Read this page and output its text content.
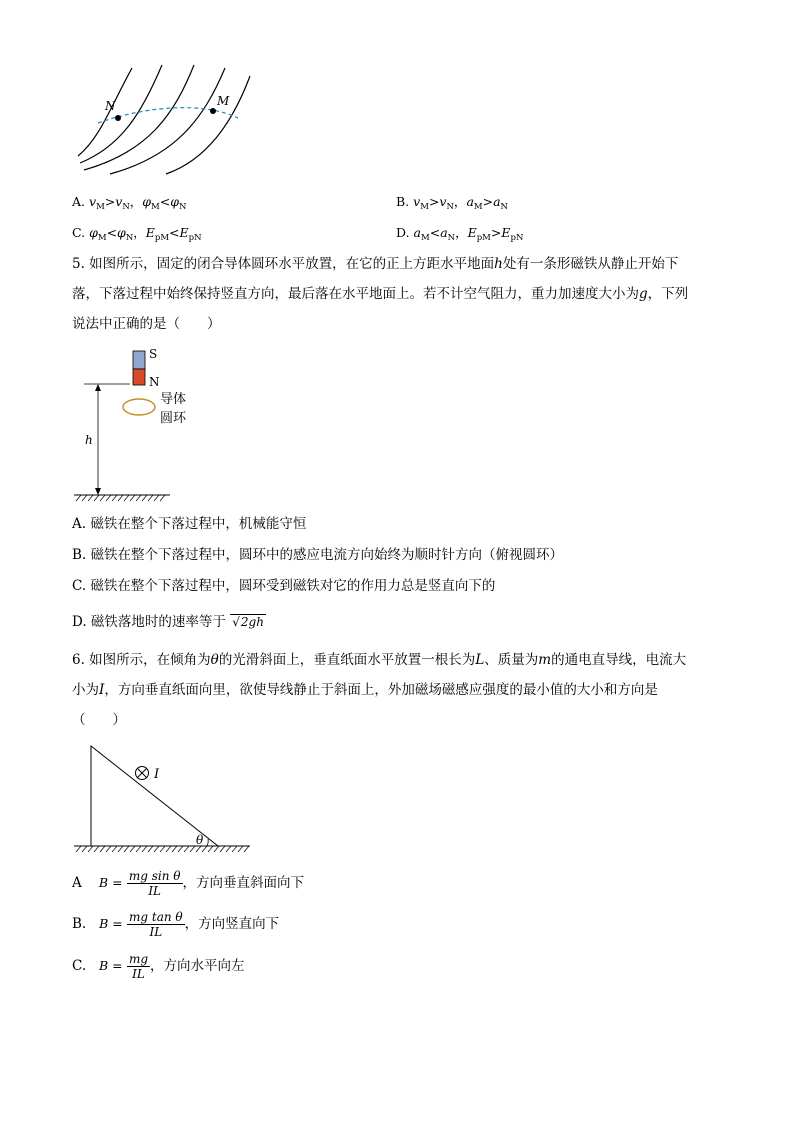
N	M
A. $v_M>v_N$，$\varphi_M<\varphi_N$	B. $v_M>v_N$，$a_M>a_N$
C. $\varphi_M<\varphi_N$，$E_{pM}<E_{pN}$	D. $a_M<a_N$，$E_{pM}>E_{pN}$
5. 如图所示，固定的闭合导体圆环水平放置，在它的正上方距水平地面h处有一条形磁铁从静止开始下
落，下落过程中始终保持竖直方向，最后落在水平地面上。若不计空气阻力，重力加速度大小为g，下列
说法中正确的是（　　）
S
N
导体
圆环
h
A. 磁铁在整个下落过程中，机械能守恒
B. 磁铁在整个下落过程中，圆环中的感应电流方向始终为顺时针方向（俯视圆环）
C. 磁铁在整个下落过程中，圆环受到磁铁对它的作用力总是竖直向下的
D. 磁铁落地时的速率等于 √2gh
6. 如图所示，在倾角为θ的光滑斜面上，垂直纸面水平放置一根长为L、质量为m的通电直导线，电流大
小为I，方向垂直纸面向里，欲使导线静止于斜面上，外加磁场磁感应强度的最小值的大小和方向是
（　　）
I
θ
A $B = \frac{\text{mg sin θ}}{IL}$ ，方向垂直斜面向下
B. $B = \frac{\text{mg tan θ}}{IL}$ ，方向竖直向下
C. $B = \frac{mg}{IL}$ ，方向水平向左
